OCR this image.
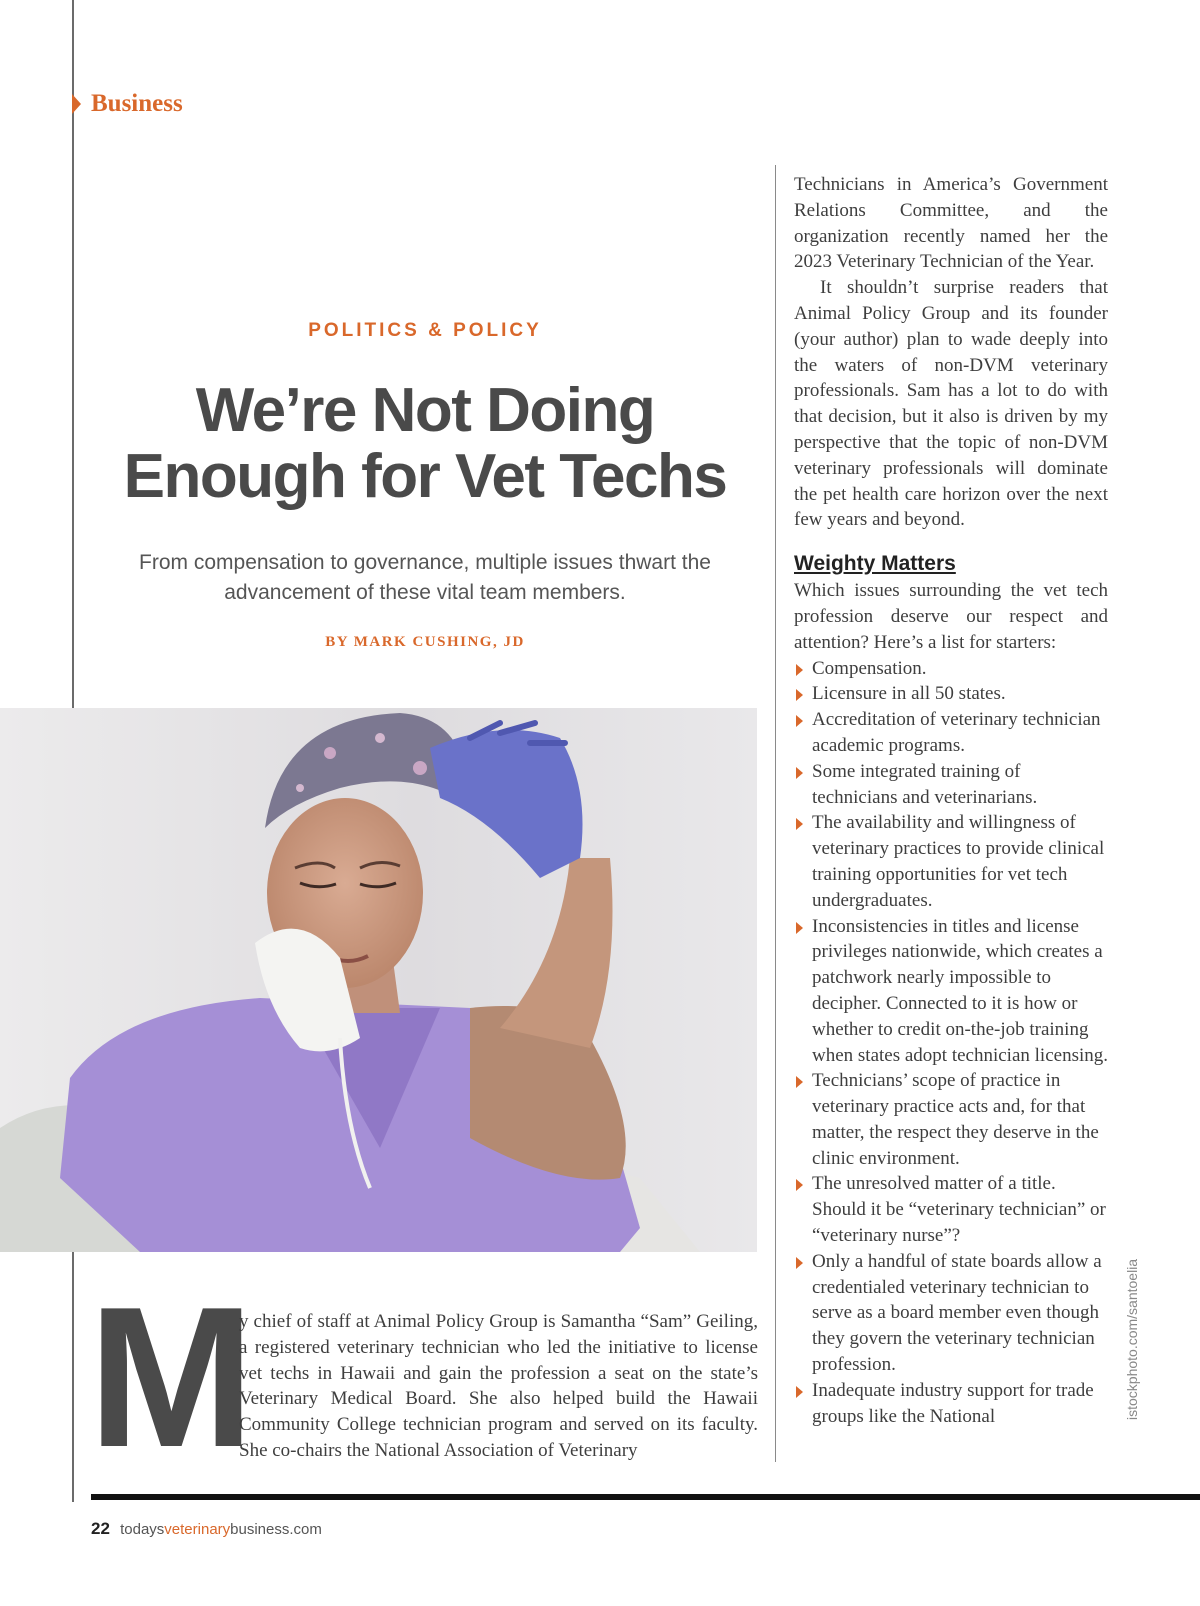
Business
POLITICS & POLICY
We’re Not Doing
Enough for Vet Techs
From compensation to governance, multiple issues thwart the advancement of these vital team members.
BY MARK CUSHING, JD
M

y chief of staff at Animal Policy Group is Samantha “Sam” Geiling, a registered veterinary technician who led the initiative to license vet techs in Hawaii and gain the profession a seat on the state’s Veterinary Medical Board. She also helped build the Hawaii Community College technician program and served on its faculty. She co-chairs the National Association of Veterinary

Technicians in America’s Government Relations Committee, and the organization recently named her the 2023 Veterinary Technician of the Year.

It shouldn’t surprise readers that Animal Policy Group and its founder (your author) plan to wade deeply into the waters of non-DVM veterinary professionals. Sam has a lot to do with that decision, but it also is driven by my perspective that the topic of non-DVM veterinary professionals will dominate the pet health care horizon over the next few years and beyond.

Weighty Matters

Which issues surrounding the vet tech profession deserve our respect and attention? Here’s a list for starters:

Compensation.
Licensure in all 50 states.
Accreditation of veterinary technician academic programs.
Some integrated training of technicians and veterinarians.
The availability and willingness of veterinary practices to provide clinical training opportunities for vet tech undergraduates.
Inconsistencies in titles and license privileges nationwide, which creates a patchwork nearly impossible to decipher. Connected to it is how or whether to credit on-the-job training when states adopt technician licensing.
Technicians’ scope of practice in veterinary practice acts and, for that matter, the respect they deserve in the clinic environment.
The unresolved matter of a title. Should it be “veterinary technician” or “veterinary nurse”?
Only a handful of state boards allow a credentialed veterinary technician to serve as a board member even though they govern the veterinary technician profession.
Inadequate industry support for trade groups like the National	istockphoto.com/santoelia
22 todaysveterinarybusiness.com
